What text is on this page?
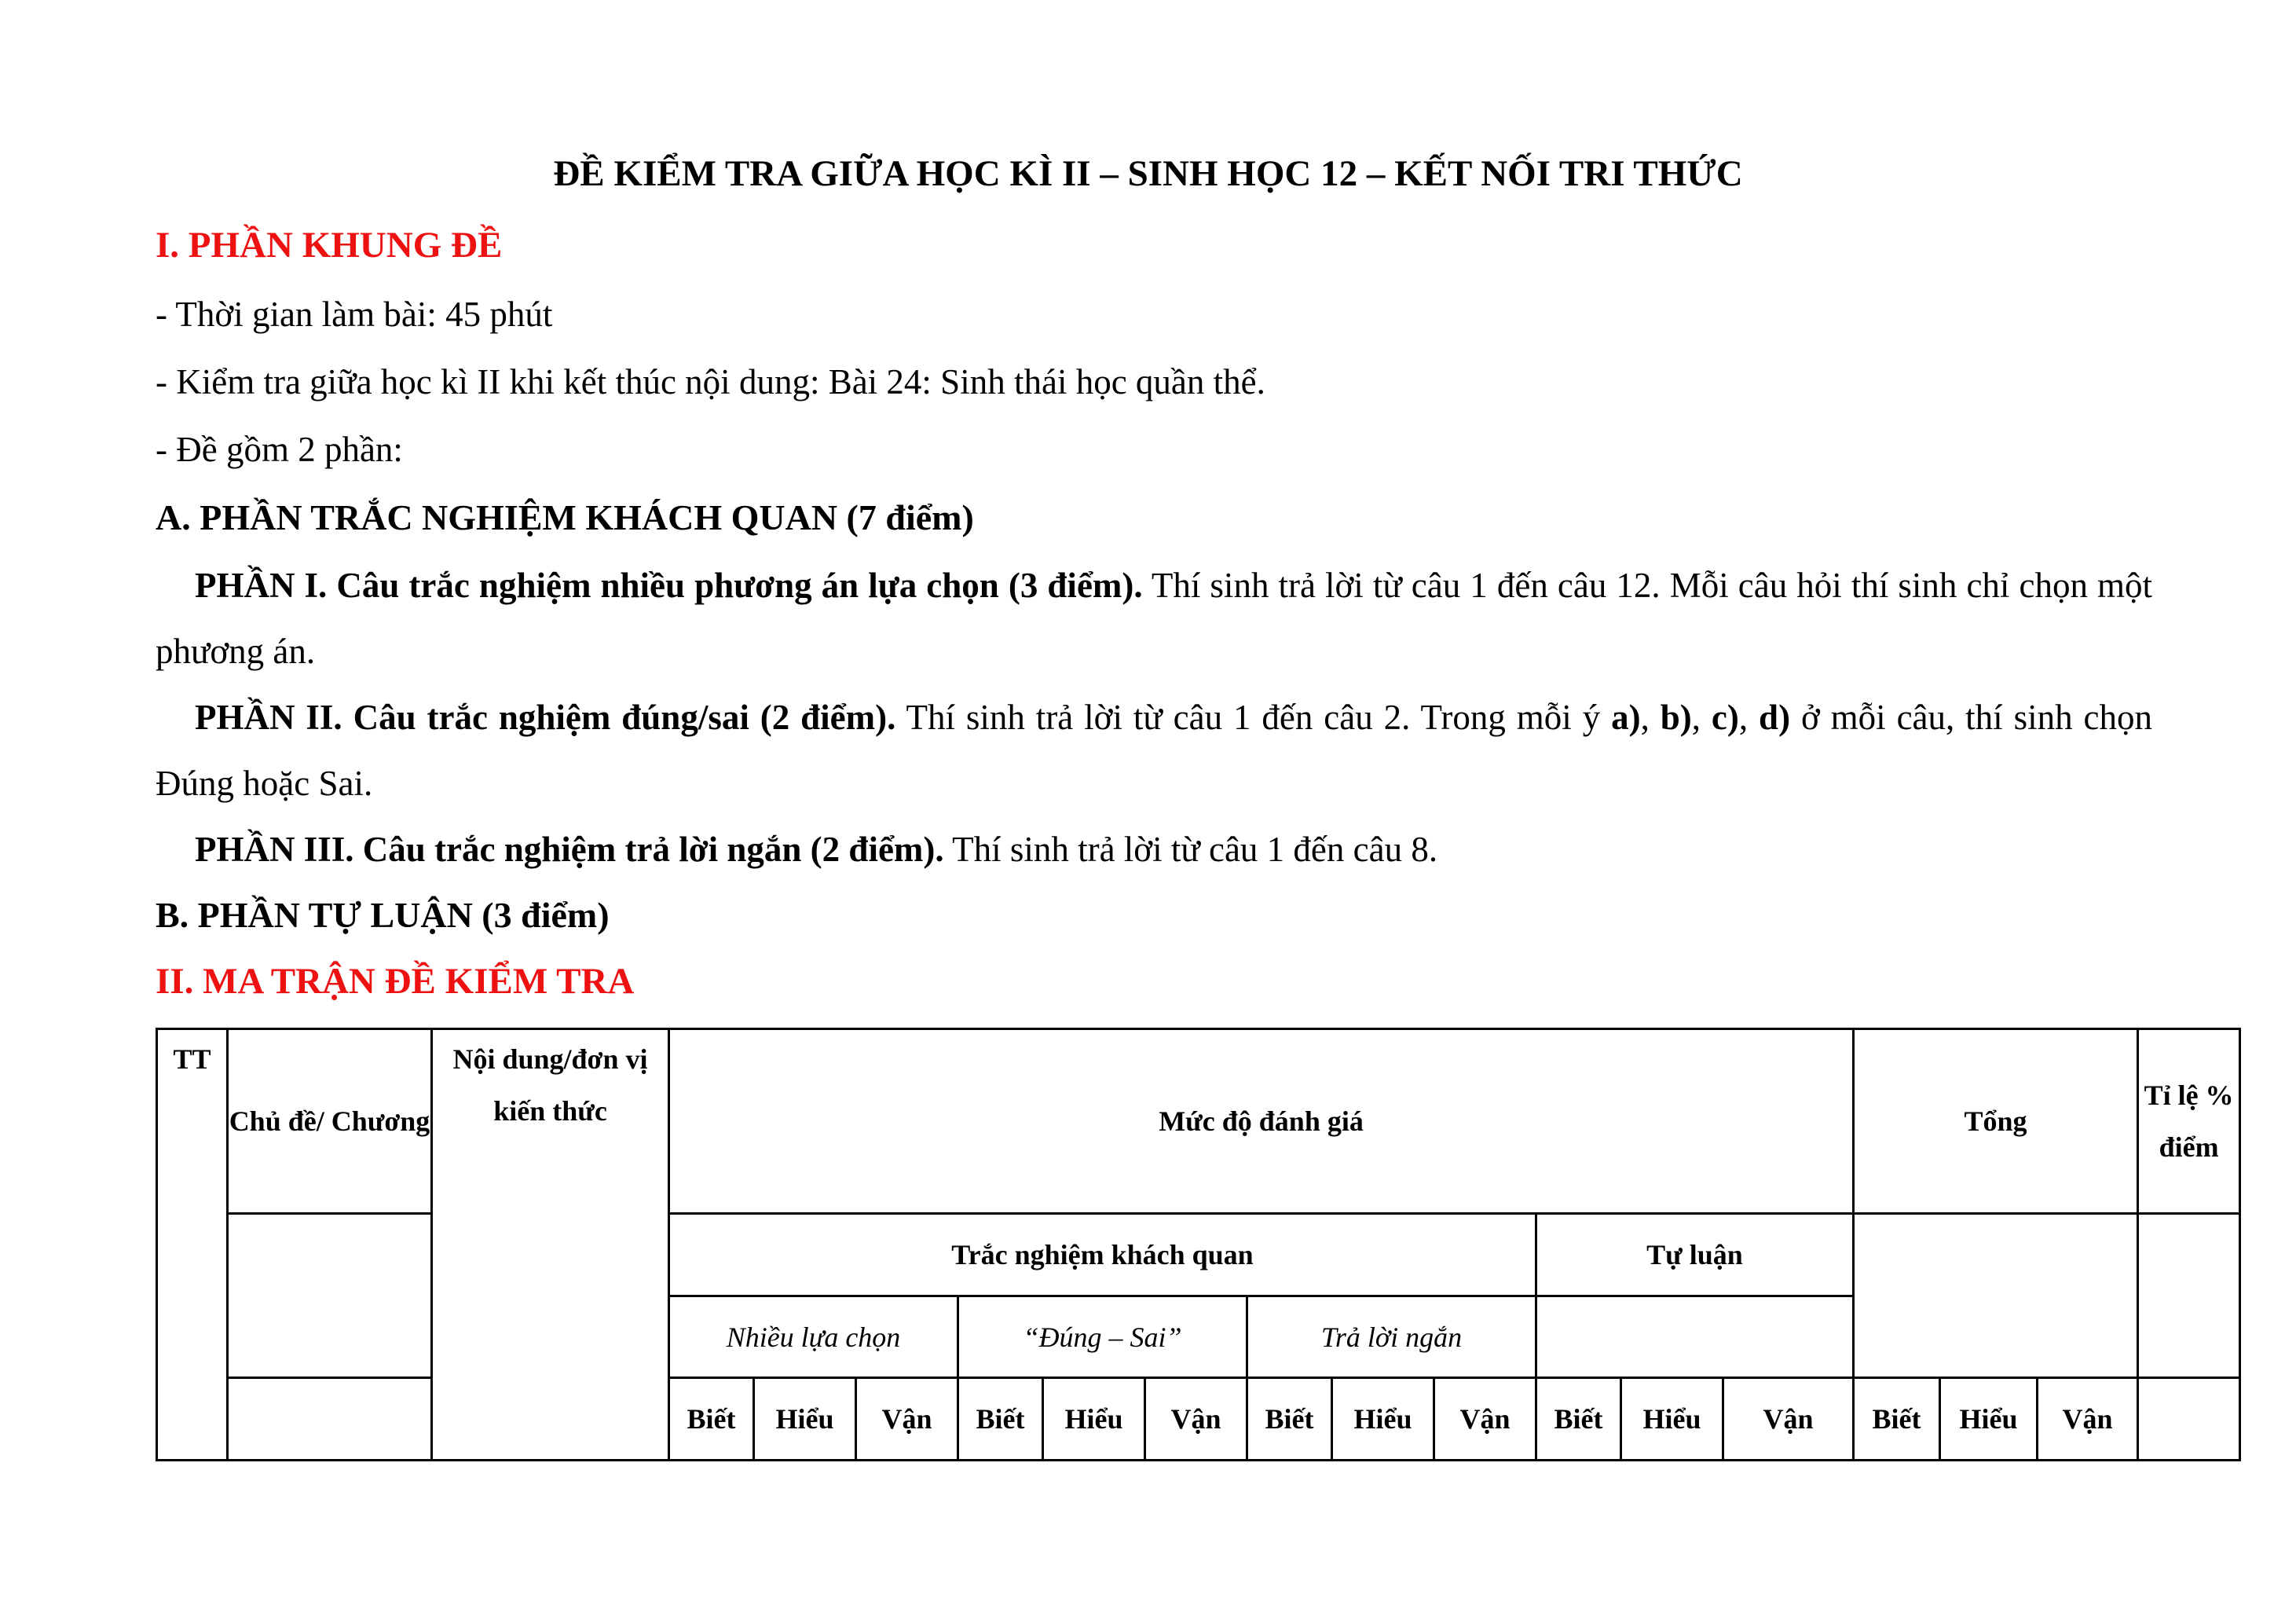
ĐỀ KIỂM TRA GIỮA HỌC KÌ II – SINH HỌC 12 – KẾT NỐI TRI THỨC
I. PHẦN KHUNG ĐỀ
- Thời gian làm bài: 45 phút
- Kiểm tra giữa học kì II khi kết thúc nội dung: Bài 24: Sinh thái học quần thể.
- Đề gồm 2 phần:
A. PHẦN TRẮC NGHIỆM KHÁCH QUAN (7 điểm)
PHẦN I. Câu trắc nghiệm nhiều phương án lựa chọn (3 điểm). Thí sinh trả lời từ câu 1 đến câu 12. Mỗi câu hỏi thí sinh chỉ chọn một phương án.
PHẦN II. Câu trắc nghiệm đúng/sai (2 điểm). Thí sinh trả lời từ câu 1 đến câu 2. Trong mỗi ý a), b), c), d) ở mỗi câu, thí sinh chọn Đúng hoặc Sai.
PHẦN III. Câu trắc nghiệm trả lời ngắn (2 điểm). Thí sinh trả lời từ câu 1 đến câu 8.
B. PHẦN TỰ LUẬN (3 điểm)
II. MA TRẬN ĐỀ KIỂM TRA
TT	Chủ đề/ Chương	Nội dung/đơn vị kiến thức	Mức độ đánh giá												Tổng			Tỉ lệ % điểm
			Trắc nghiệm khách quan									Tự luận						
			Nhiều lựa chọn			“Đúng – Sai”			Trả lời ngắn									
			Biết	Hiểu	Vận	Biết	Hiểu	Vận	Biết	Hiểu	Vận	Biết	Hiểu	Vận	Biết	Hiểu	Vận	
